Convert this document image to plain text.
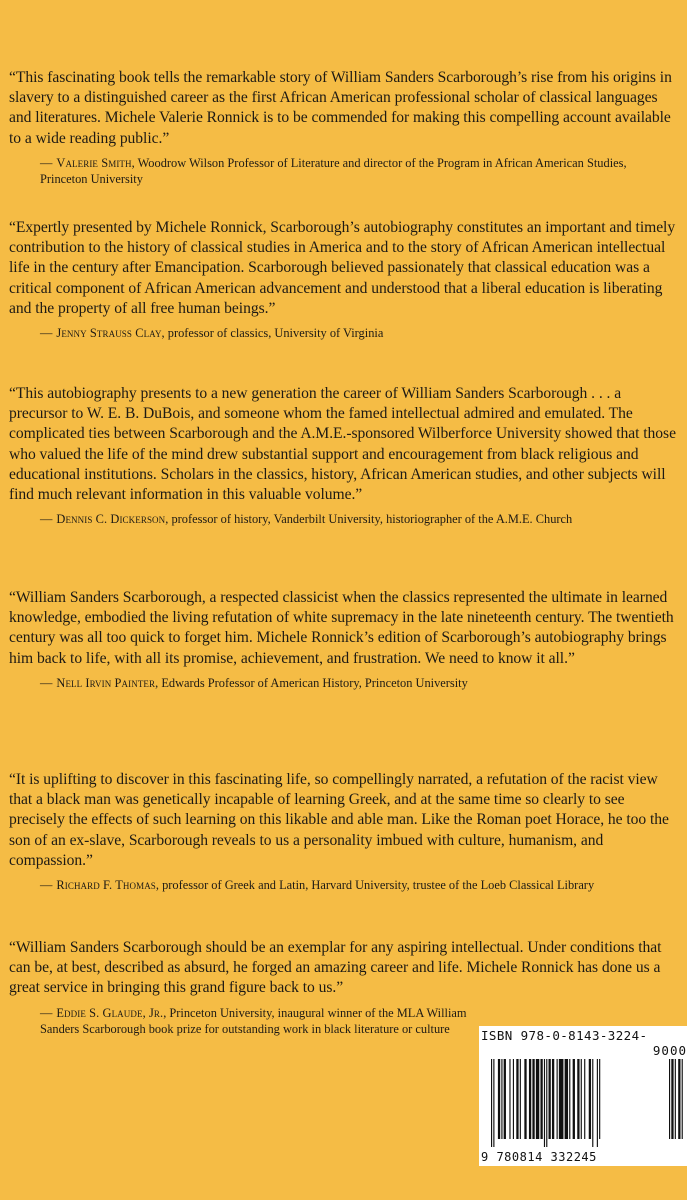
“This fascinating book tells the remarkable story of William Sanders Scarborough’s rise from his origins in slavery to a distinguished career as the first African American professional scholar of classical languages and literatures. Michele Valerie Ronnick is to be commended for making this compelling account available to a wide reading public.”

— Valerie Smith, Woodrow Wilson Professor of Literature and director of the Program in African American Studies, Princeton University

“Expertly presented by Michele Ronnick, Scarborough’s autobiography constitutes an important and timely contribution to the history of classical studies in America and to the story of African American intellectual life in the century after Emancipation. Scarborough believed passionately that classical education was a critical component of African American advancement and understood that a liberal education is liberating and the property of all free human beings.”

— Jenny Strauss Clay, professor of classics, University of Virginia

“This autobiography presents to a new generation the career of William Sanders Scarborough . . . a precursor to W. E. B. DuBois, and someone whom the famed intellectual admired and emulated. The complicated ties between Scarborough and the A.M.E.-sponsored Wilberforce University showed that those who valued the life of the mind drew substantial support and encouragement from black religious and educational institutions. Scholars in the classics, history, African American studies, and other subjects will find much relevant information in this valuable volume.”

— Dennis C. Dickerson, professor of history, Vanderbilt University, historiographer of the A.M.E. Church

“William Sanders Scarborough, a respected classicist when the classics represented the ultimate in learned knowledge, embodied the living refutation of white supremacy in the late nineteenth century. The twentieth century was all too quick to forget him. Michele Ronnick’s edition of Scarborough’s autobiography brings him back to life, with all its promise, achievement, and frustration. We need to know it all.”

— Nell Irvin Painter, Edwards Professor of American History, Princeton University

“It is uplifting to discover in this fascinating life, so compellingly narrated, a refutation of the racist view that a black man was genetically incapable of learning Greek, and at the same time so clearly to see precisely the effects of such learning on this likable and able man. Like the Roman poet Horace, he too the son of an ex-slave, Scarborough reveals to us a personality imbued with culture, humanism, and compassion.”

— Richard F. Thomas, professor of Greek and Latin, Harvard University, trustee of the Loeb Classical Library

“William Sanders Scarborough should be an exemplar for any aspiring intellectual. Under conditions that can be, at best, described as absurd, he forged an amazing career and life. Michele Ronnick has done us a great service in bringing this grand figure back to us.”

— Eddie S. Glaude, Jr., Princeton University, inaugural winner of the MLA William Sanders Scarborough book prize for outstanding work in black literature or culture	ISBN 978-0-8143-3224-
9000
9 780814 332245
